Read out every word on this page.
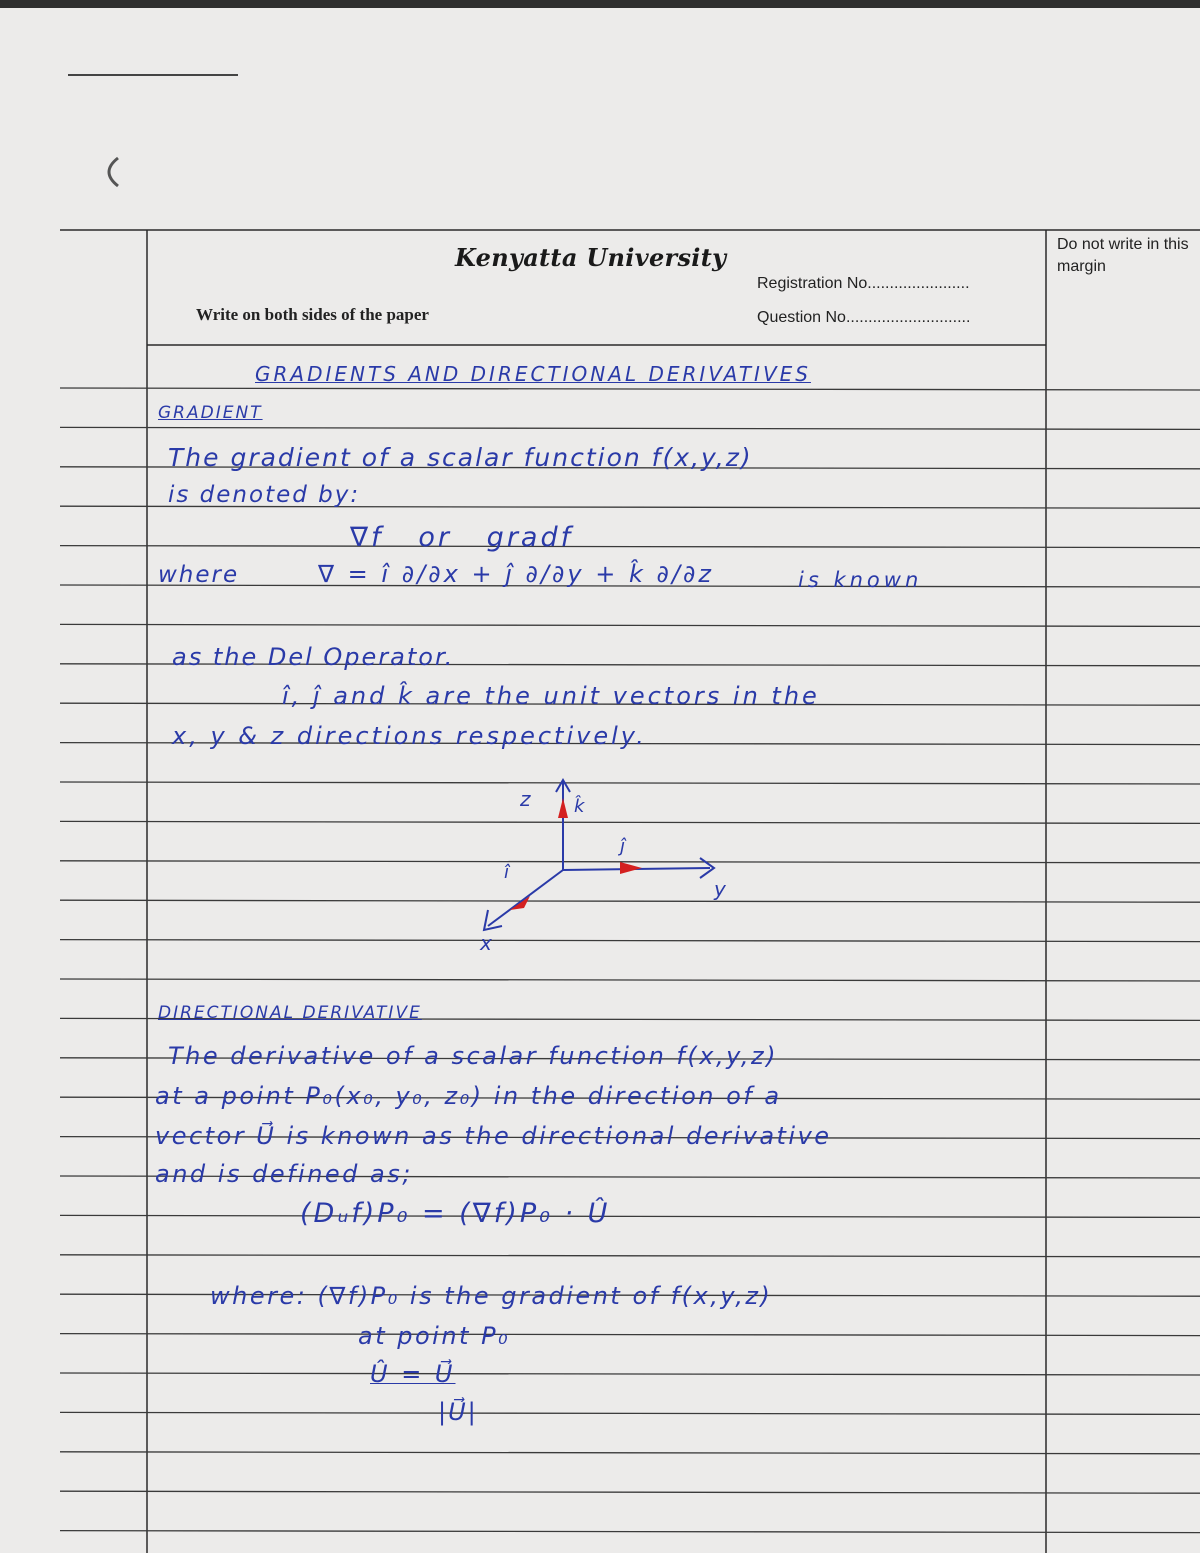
Kenyatta University
Write on both sides of the paper
Registration No.......................
Question No............................
Do not write in this margin
GRADIENTS AND DIRECTIONAL DERIVATIVES
GRADIENT
The gradient of a scalar function f(x,y,z)
is denoted by:
∇f   or   gradf
where	∇ = î ∂/∂x + ĵ ∂/∂y + k̂ ∂/∂z	is known
as the Del Operator.
î, ĵ and k̂ are the unit vectors in the
x, y & z directions respectively.
z k̂
ĵ
î
y
x
DIRECTIONAL DERIVATIVE
The derivative of a scalar function f(x,y,z)
at a point P₀(x₀, y₀, z₀) in the direction of a
vector U⃗ is known as the directional derivative
and is defined as;
(Dᵤf)P₀ = (∇f)P₀ · Û
where: (∇f)P₀ is the gradient of f(x,y,z)
at point P₀
Û = U⃗
|U⃗|
